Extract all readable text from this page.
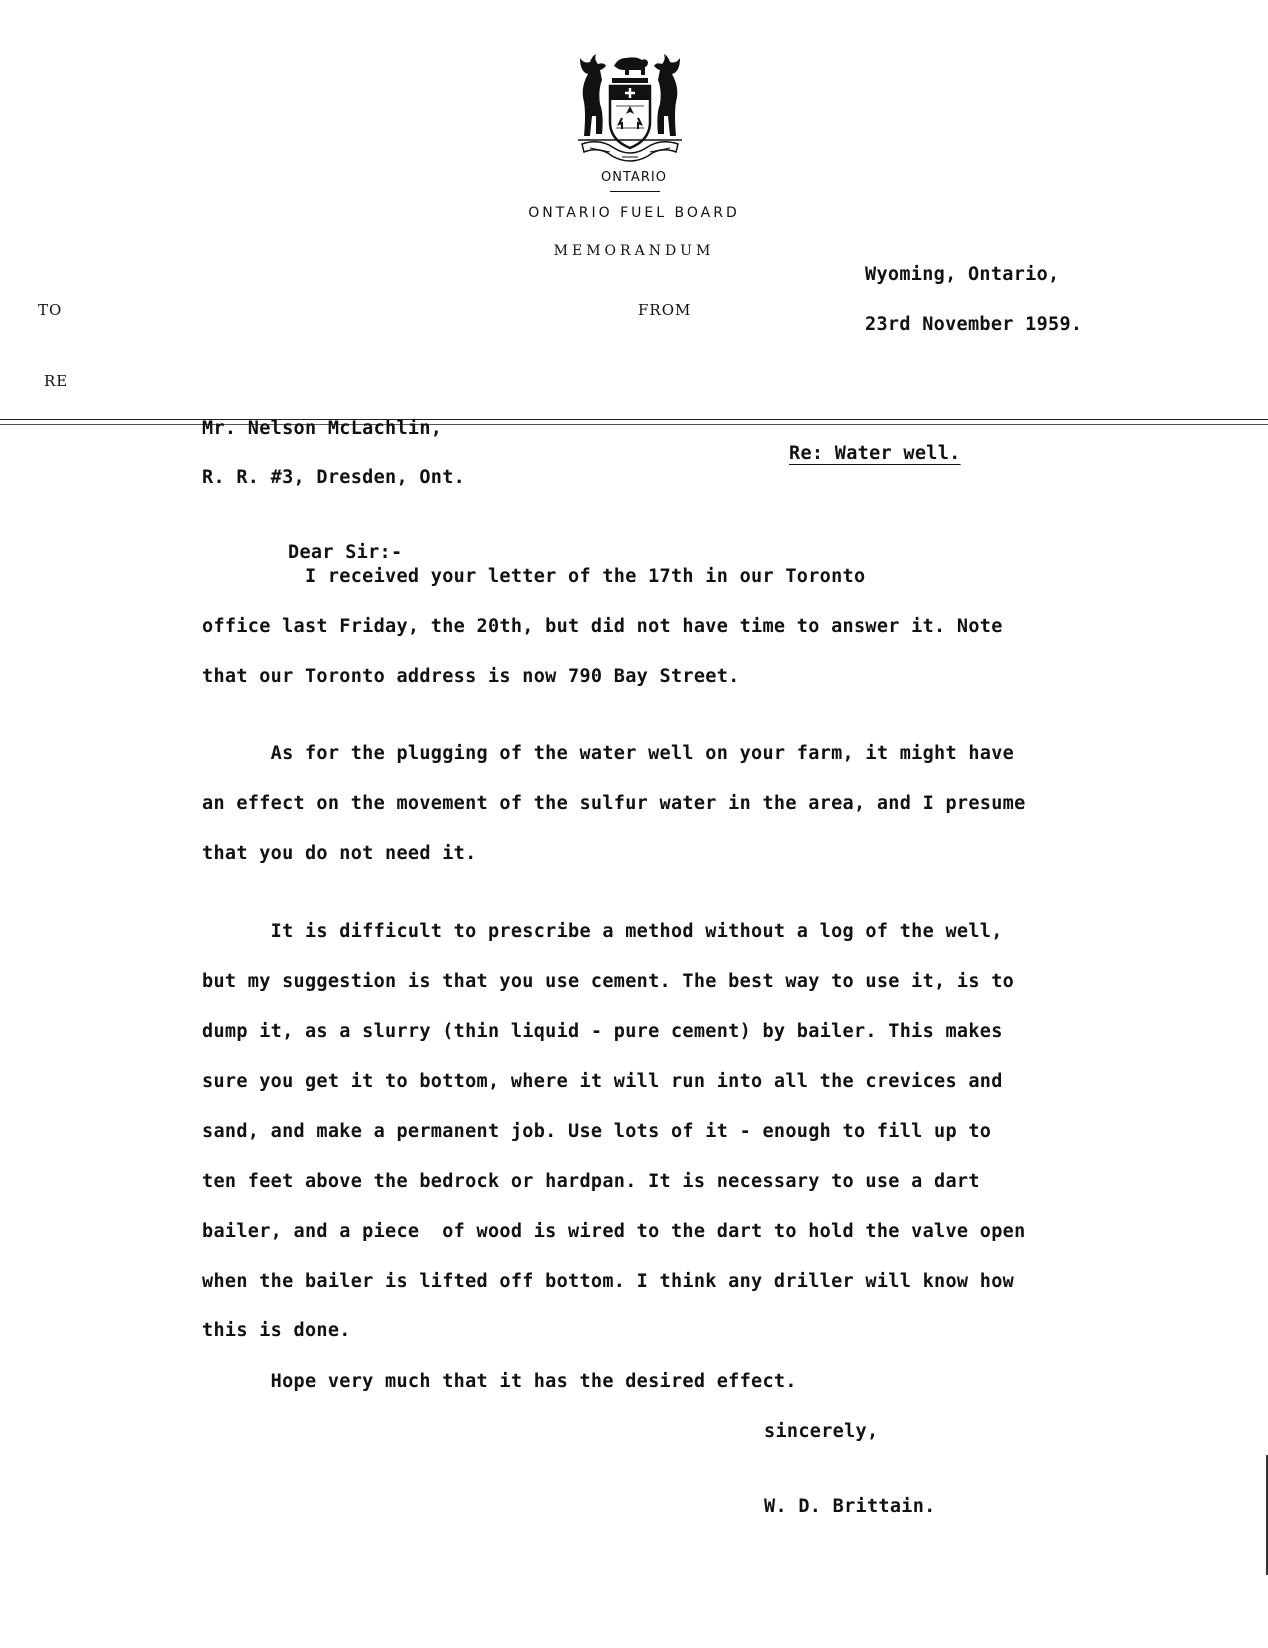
ONTARIO
ONTARIO FUEL BOARD
MEMORANDUM
TO	FROM
RE
Wyoming, Ontario,
23rd November 1959.
Mr. Nelson McLachlin,
R. R. #3, Dresden, Ont.
Re: Water well.
Dear Sir:-
I received your letter of the 17th in our Toronto
office last Friday, the 20th, but did not have time to answer it. Note
that our Toronto address is now 790 Bay Street.
As for the plugging of the water well on your farm, it might have
an effect on the movement of the sulfur water in the area, and I presume
that you do not need it.
It is difficult to prescribe a method without a log of the well,
but my suggestion is that you use cement. The best way to use it, is to
dump it, as a slurry (thin liquid - pure cement) by bailer. This makes
sure you get it to bottom, where it will run into all the crevices and
sand, and make a permanent job. Use lots of it - enough to fill up to
ten feet above the bedrock or hardpan. It is necessary to use a dart
bailer, and a piece  of wood is wired to the dart to hold the valve open
when the bailer is lifted off bottom. I think any driller will know how
this is done.
Hope very much that it has the desired effect.
sincerely,
W. D. Brittain.
